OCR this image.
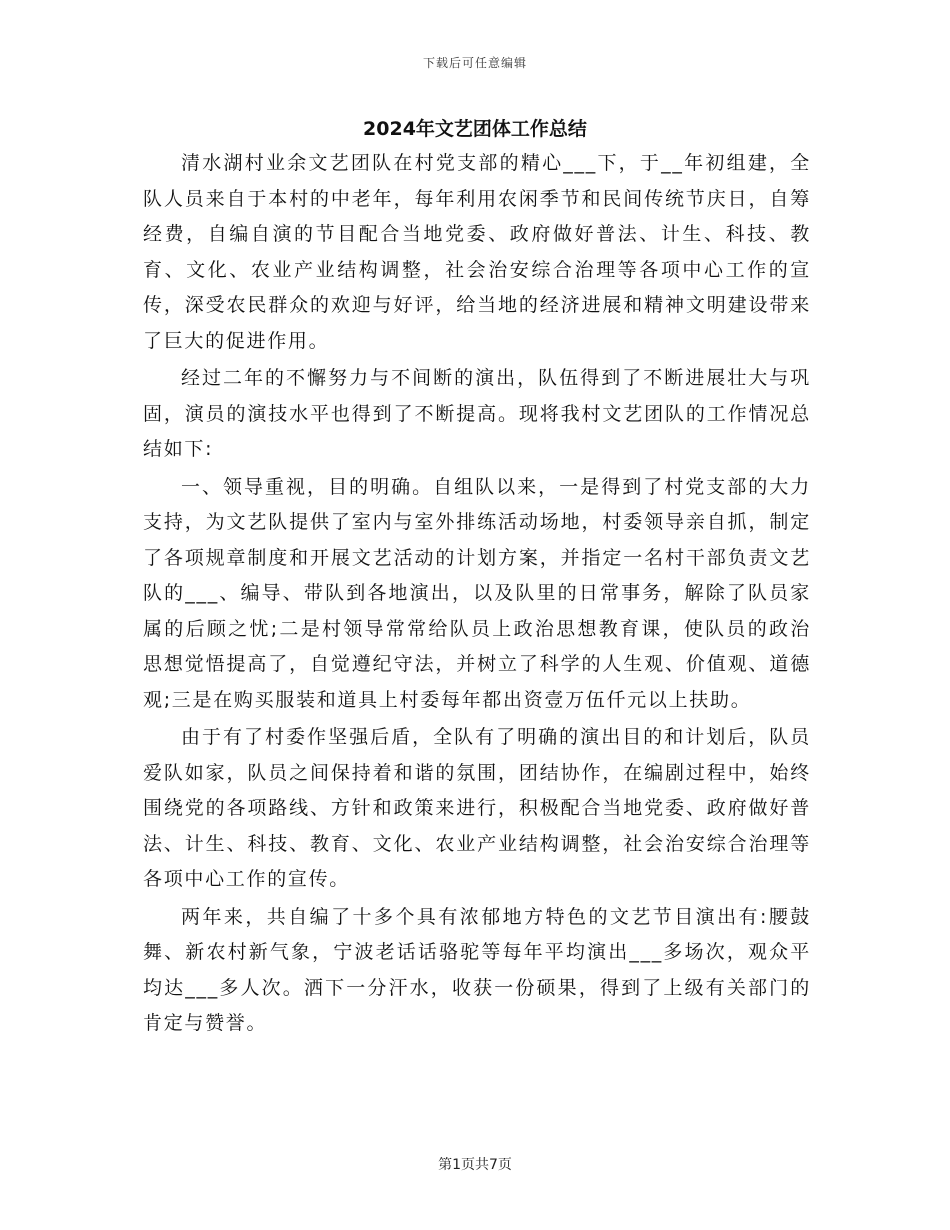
下载后可任意编辑
2024年文艺团体工作总结

清水湖村业余文艺团队在村党支部的精心___下，于__年初组建，全队人员来自于本村的中老年，每年利用农闲季节和民间传统节庆日，自筹经费，自编自演的节目配合当地党委、政府做好普法、计生、科技、教育、文化、农业产业结构调整，社会治安综合治理等各项中心工作的宣传，深受农民群众的欢迎与好评，给当地的经济进展和精神文明建设带来了巨大的促进作用。

经过二年的不懈努力与不间断的演出，队伍得到了不断进展壮大与巩固，演员的演技水平也得到了不断提高。现将我村文艺团队的工作情况总结如下:

一、领导重视，目的明确。自组队以来，一是得到了村党支部的大力支持，为文艺队提供了室内与室外排练活动场地，村委领导亲自抓，制定了各项规章制度和开展文艺活动的计划方案，并指定一名村干部负责文艺队的___、编导、带队到各地演出，以及队里的日常事务，解除了队员家属的后顾之忧;二是村领导常常给队员上政治思想教育课，使队员的政治思想觉悟提高了，自觉遵纪守法，并树立了科学的人生观、价值观、道德观;三是在购买服装和道具上村委每年都出资壹万伍仟元以上扶助。

由于有了村委作坚强后盾，全队有了明确的演出目的和计划后，队员爱队如家，队员之间保持着和谐的氛围，团结协作，在编剧过程中，始终围绕党的各项路线、方针和政策来进行，积极配合当地党委、政府做好普法、计生、科技、教育、文化、农业产业结构调整，社会治安综合治理等各项中心工作的宣传。

两年来，共自编了十多个具有浓郁地方特色的文艺节目演出有:腰鼓舞、新农村新气象，宁波老话话骆驼等每年平均演出___多场次，观众平均达___多人次。洒下一分汗水，收获一份硕果，得到了上级有关部门的肯定与赞誉。

第1页共7页
